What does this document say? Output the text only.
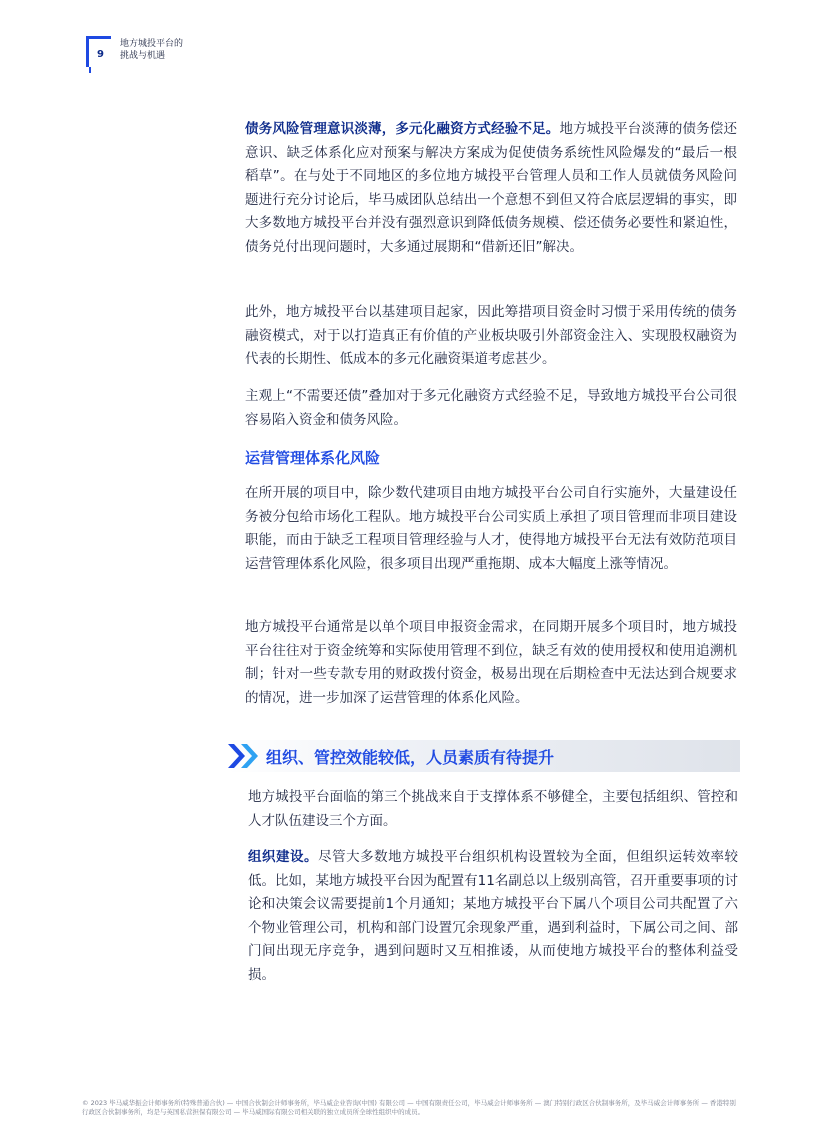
9
地方城投平台的
挑战与机遇

债务风险管理意识淡薄，多元化融资方式经验不足。地方城投平台淡薄的债务偿还意识、缺乏体系化应对预案与解决方案成为促使债务系统性风险爆发的“最后一根稻草”。在与处于不同地区的多位地方城投平台管理人员和工作人员就债务风险问题进行充分讨论后，毕马威团队总结出一个意想不到但又符合底层逻辑的事实，即大多数地方城投平台并没有强烈意识到降低债务规模、偿还债务必要性和紧迫性，债务兑付出现问题时，大多通过展期和“借新还旧”解决。

此外，地方城投平台以基建项目起家，因此筹措项目资金时习惯于采用传统的债务融资模式，对于以打造真正有价值的产业板块吸引外部资金注入、实现股权融资为代表的长期性、低成本的多元化融资渠道考虑甚少。

主观上“不需要还债”叠加对于多元化融资方式经验不足，导致地方城投平台公司很容易陷入资金和债务风险。

运营管理体系化风险

在所开展的项目中，除少数代建项目由地方城投平台公司自行实施外，大量建设任务被分包给市场化工程队。地方城投平台公司实质上承担了项目管理而非项目建设职能，而由于缺乏工程项目管理经验与人才，使得地方城投平台无法有效防范项目运营管理体系化风险，很多项目出现严重拖期、成本大幅度上涨等情况。

地方城投平台通常是以单个项目申报资金需求，在同期开展多个项目时，地方城投平台往往对于资金统筹和实际使用管理不到位，缺乏有效的使用授权和使用追溯机制；针对一些专款专用的财政拨付资金，极易出现在后期检查中无法达到合规要求的情况，进一步加深了运营管理的体系化风险。

组织、管控效能较低，人员素质有待提升

地方城投平台面临的第三个挑战来自于支撑体系不够健全，主要包括组织、管控和人才队伍建设三个方面。

组织建设。尽管大多数地方城投平台组织机构设置较为全面，但组织运转效率较低。比如，某地方城投平台因为配置有11名副总以上级别高管，召开重要事项的讨论和决策会议需要提前1个月通知；某地方城投平台下属八个项目公司共配置了六个物业管理公司，机构和部门设置冗余现象严重，遇到利益时，下属公司之间、部门间出现无序竞争，遇到问题时又互相推诿，从而使地方城投平台的整体利益受损。

© 2023 毕马威华振会计师事务所(特殊普通合伙) — 中国合伙制会计师事务所，毕马威企业咨询(中国) 有限公司 — 中国有限责任公司，毕马威会计师事务所 — 澳门特别行政区合伙制事务所，及毕马威会计师事务所 — 香港特别行政区合伙制事务所，均是与英国私营担保有限公司 — 毕马威国际有限公司相关联的独立成员所全球性组织中的成员。
